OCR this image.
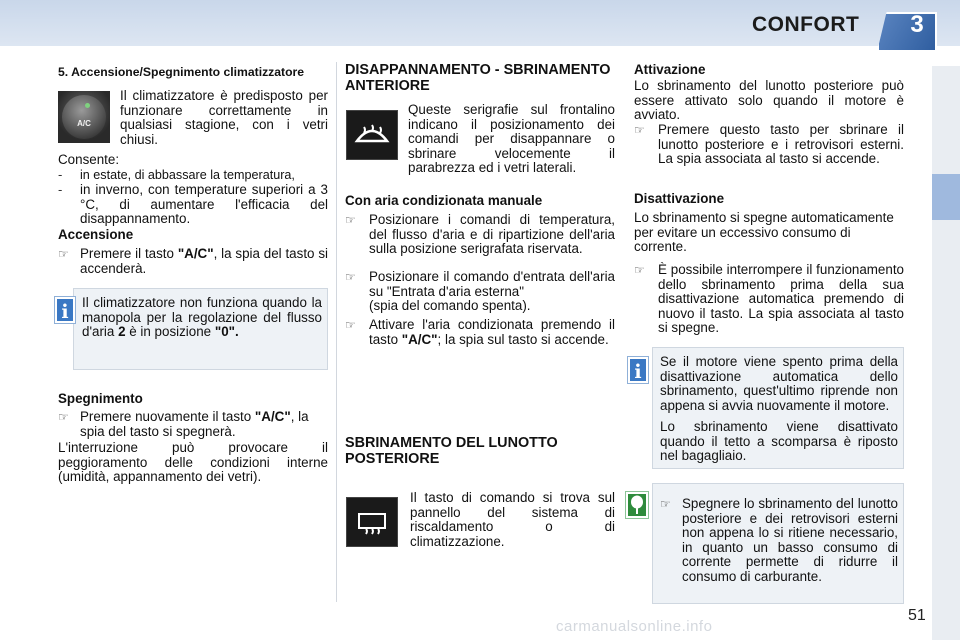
CONFORT 3
5. Accensione/Spegnimento climatizzatore
A/C
Il climatizzatore è predisposto per funzionare correttamente in qualsiasi stagione, con i vetri chiusi.
Consente:
- in estate, di abbassare la temperatura,
- in inverno, con temperature superiori a 3 °C, di aumentare l'efficacia del disappannamento.
Accensione
☞ Premere il tasto "A/C", la spia del tasto si accenderà.
i Il climatizzatore non funziona quando la manopola per la regolazione del flusso d'aria 2 è in posizione "0".
Spegnimento
☞ Premere nuovamente il tasto "A/C", la spia del tasto si spegnerà.
L'interruzione può provocare il peggioramento delle condizioni interne (umidità, appannamento dei vetri).
DISAPPANNAMENTO - SBRINAMENTO ANTERIORE
Queste serigrafie sul frontalino indicano il posizionamento dei comandi per disappannare o sbrinare velocemente il parabrezza ed i vetri laterali.
Con aria condizionata manuale
☞ Posizionare i comandi di temperatura, del flusso d'aria e di ripartizione dell'aria sulla posizione serigrafata riservata.
☞ Posizionare il comando d'entrata dell'aria su "Entrata d'aria esterna"
(spia del comando spenta).
☞ Attivare l'aria condizionata premendo il tasto "A/C"; la spia sul tasto si accende.
SBRINAMENTO DEL LUNOTTO POSTERIORE
Il tasto di comando si trova sul pannello del sistema di riscaldamento o di climatizzazione.
Attivazione
Lo sbrinamento del lunotto posteriore può essere attivato solo quando il motore è avviato.
☞ Premere questo tasto per sbrinare il lunotto posteriore e i retrovisori esterni. La spia associata al tasto si accende.
Disattivazione
Lo sbrinamento si spegne automaticamente per evitare un eccessivo consumo di corrente.
☞ È possibile interrompere il funzionamento dello sbrinamento prima della sua disattivazione automatica premendo di nuovo il tasto. La spia associata al tasto si spegne.
i	Se il motore viene spento prima della disattivazione automatica dello sbrinamento, quest'ultimo riprende non appena si avvia nuovamente il motore.
Lo sbrinamento viene disattivato quando il tetto a scomparsa è riposto nel bagagliaio.
☞ Spegnere lo sbrinamento del lunotto posteriore e dei retrovisori esterni non appena lo si ritiene necessario, in quanto un basso consumo di corrente permette di ridurre il consumo di carburante.
51
carmanualsonline.info
